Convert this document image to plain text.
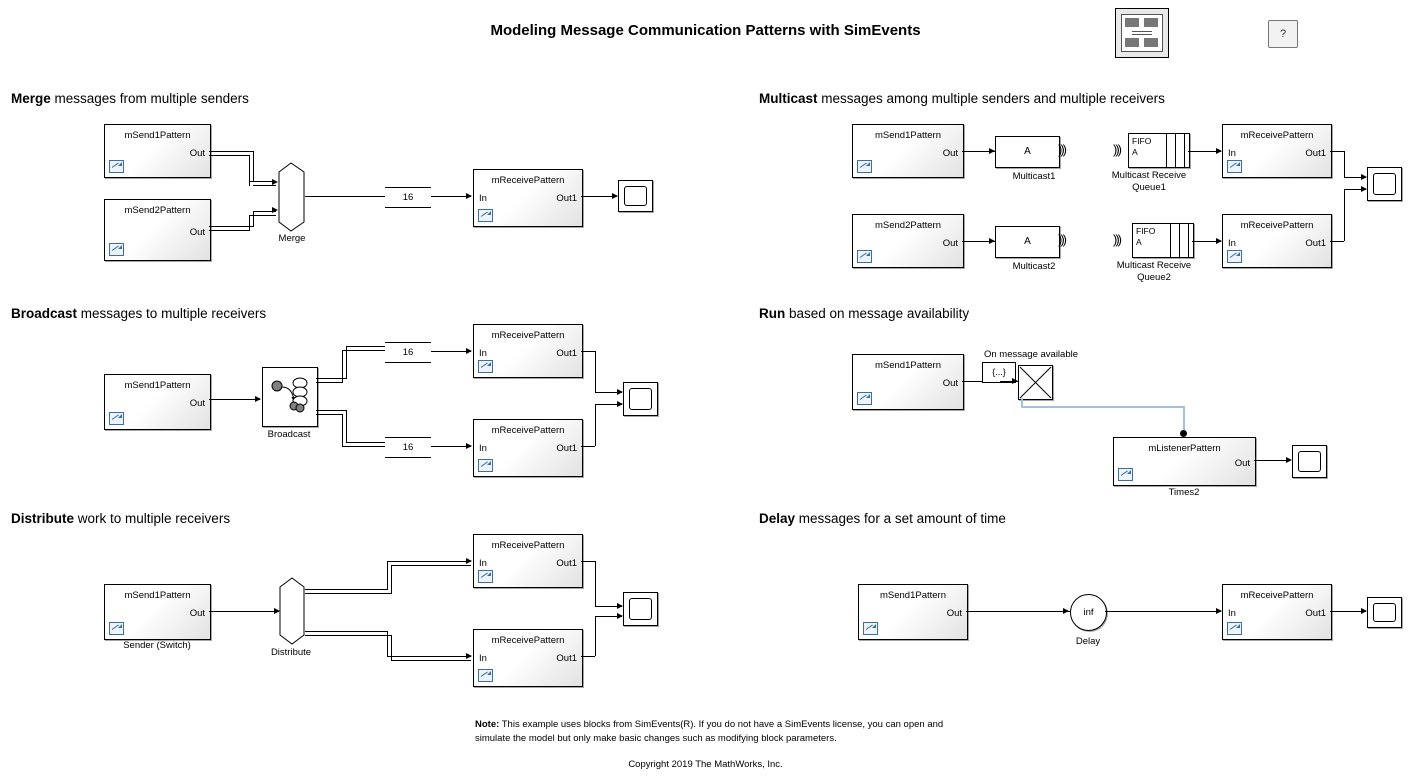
Modeling Message Communication Patterns with SimEvents	?
Merge messages from multiple senders	Multicast messages among multiple senders and multiple receivers
Broadcast messages to multiple receivers	Run based on message availability
Distribute work to multiple receivers	Delay messages for a set amount of time
mSend1Pattern
Out
mSend2Pattern
Out
Merge
16
mReceivePattern
In	Out1
mSend1Pattern
Out
mSend2Pattern
Out
A	)))
Multicast1
A	)))
Multicast2
)))
FIFO
A
Multicast Receive
Queue1
)))
FIFO
A
Multicast Receive
Queue2
mReceivePattern
In	Out1
mReceivePattern
In	Out1
mSend1Pattern
Out
Broadcast
16
16
mReceivePattern
In	Out1
mReceivePattern
In	Out1
mSend1Pattern
Out
On message available
{...}
mListenerPattern
Out
Times2
mSend1Pattern
Out
Sender (Switch)
Distribute
mReceivePattern
In	Out1
mReceivePattern
In	Out1
mSend1Pattern
Out	inf
Delay
mReceivePattern
In	Out1
Note: This example uses blocks from SimEvents(R). If you do not have a SimEvents license, you can open and simulate the model but only make basic changes such as modifying block parameters.
Copyright 2019 The MathWorks, Inc.
